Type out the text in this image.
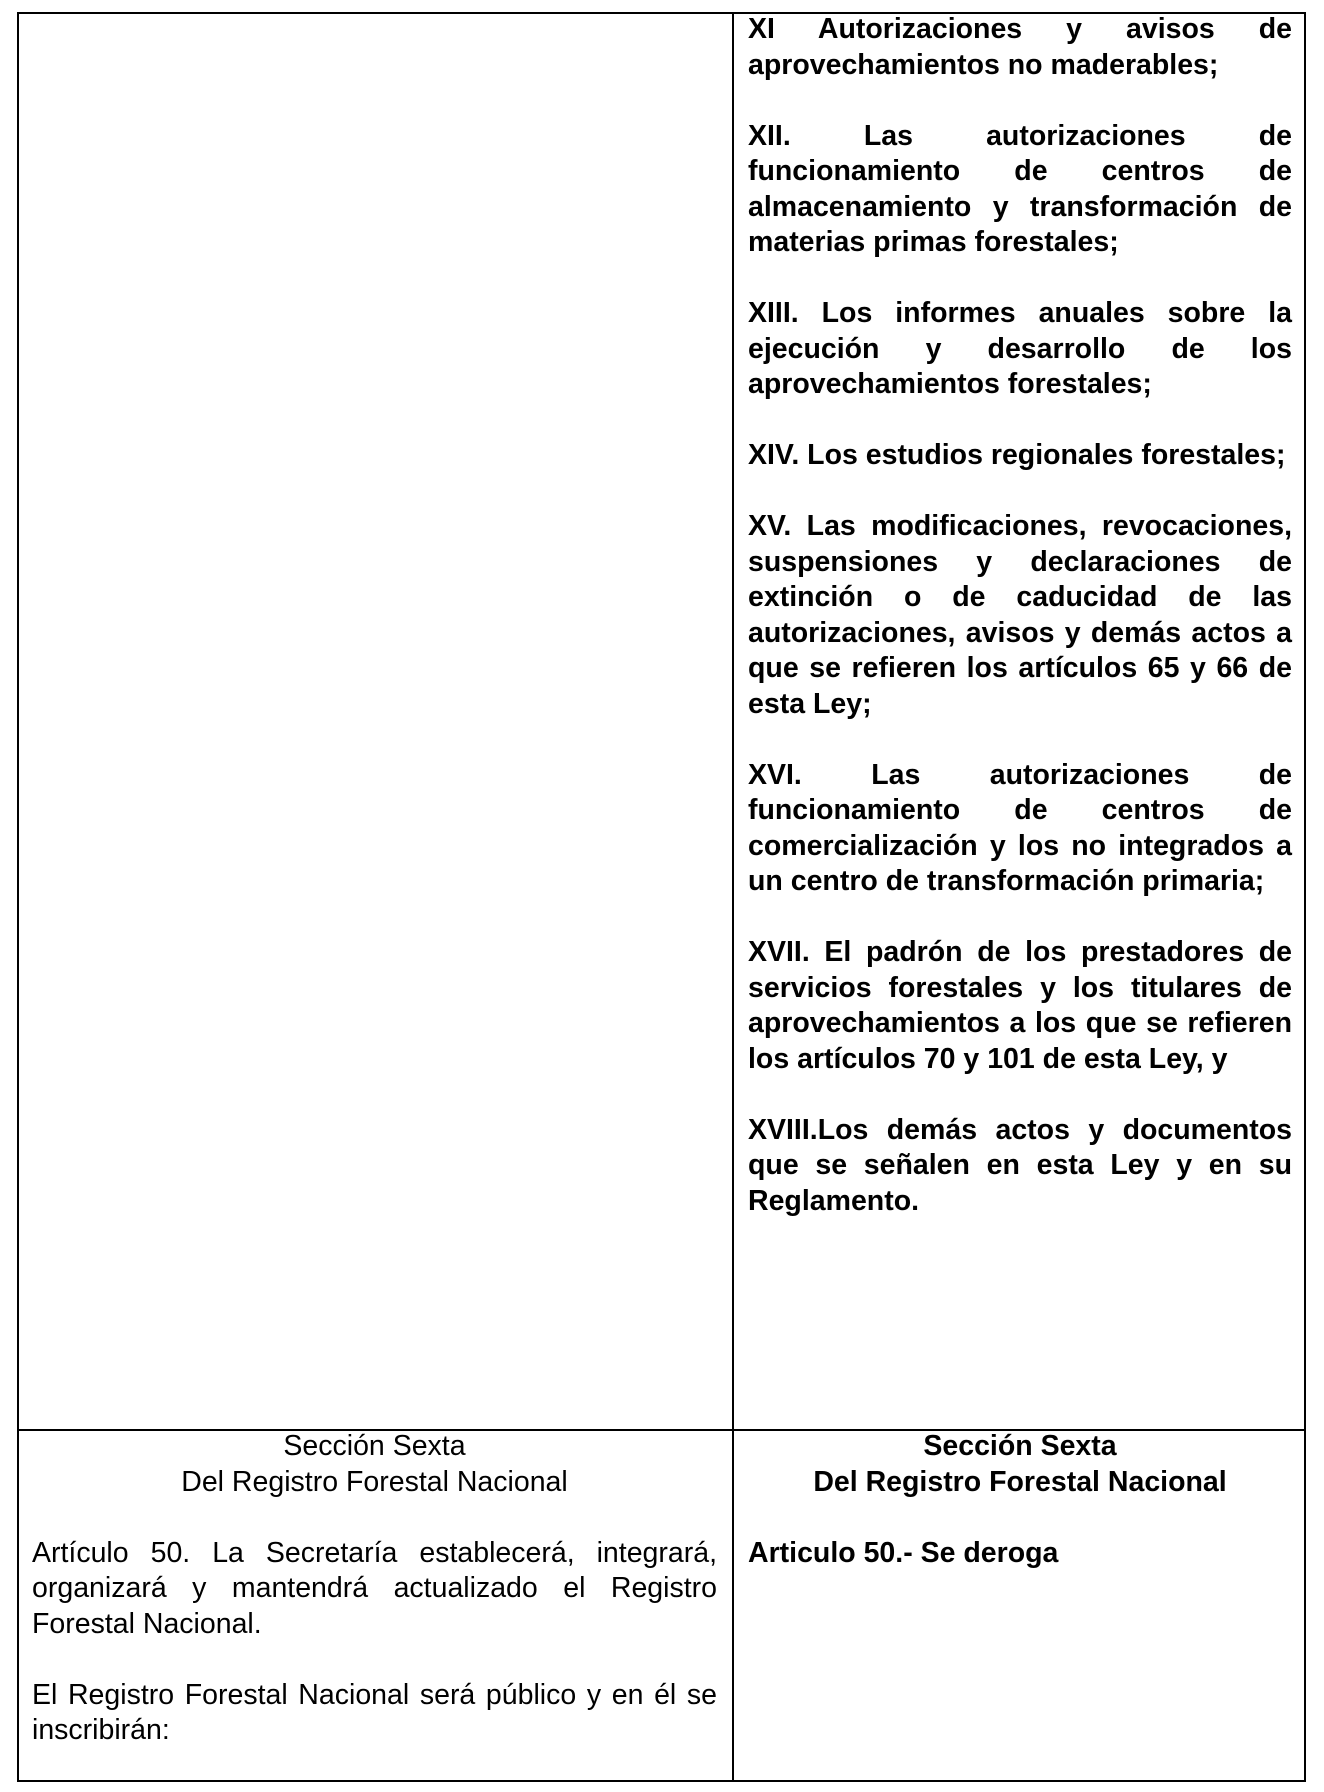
XI Autorizaciones y avisos de aprovechamientos no maderables;

XII. Las autorizaciones de funcionamiento de centros de almacenamiento y transformación de materias primas forestales;

XIII. Los informes anuales sobre la ejecución y desarrollo de los aprovechamientos forestales;

XIV. Los estudios regionales forestales;

XV. Las modificaciones, revocaciones, suspensiones y declaraciones de extinción o de caducidad de las autorizaciones, avisos y demás actos a que se refieren los artículos 65 y 66 de esta Ley;

XVI. Las autorizaciones de funcionamiento de centros de comercialización y los no integrados a un centro de transformación primaria;

XVII. El padrón de los prestadores de servicios forestales y los titulares de aprovechamientos a los que se refieren los artículos 70 y 101 de esta Ley, y

XVIII.Los demás actos y documentos que se señalen en esta Ley y en su Reglamento.

Sección Sexta

Del Registro Forestal Nacional

Artículo 50. La Secretaría establecerá, integrará, organizará y mantendrá actualizado el Registro Forestal Nacional.

El Registro Forestal Nacional será público y en él se inscribirán:

Sección Sexta

Del Registro Forestal Nacional

Articulo 50.- Se deroga
